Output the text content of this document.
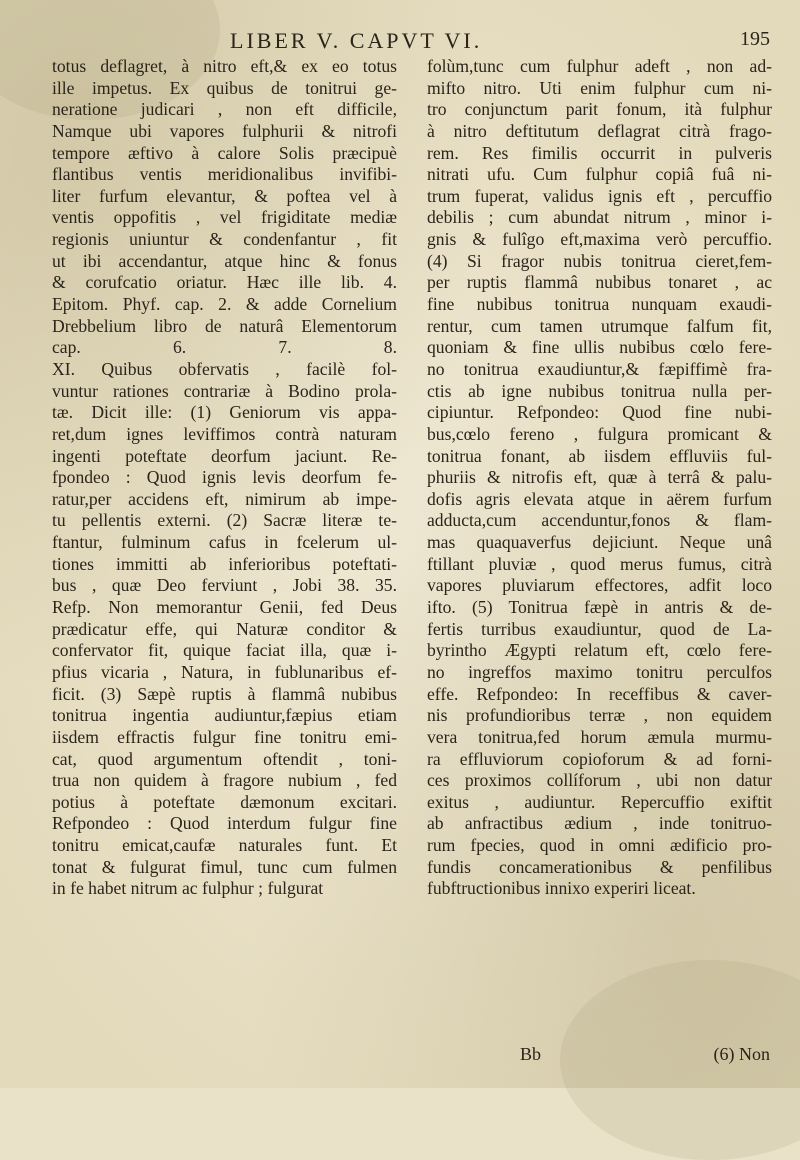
LIBER V. CAPVT VI.	195
totus deflagret, à nitro eft,& ex eo totus
ille impetus. Ex quibus de tonitrui ge-
neratione judicari , non eft difficile,
Namque ubi vapores fulphurii & nitrofi
tempore æftivo à calore Solis præcipuè
flantibus ventis meridionalibus invifibi-
liter furfum elevantur, & poftea vel à
ventis oppofitis , vel frigiditate mediæ
regionis uniuntur & condenfantur , fit
ut ibi accendantur, atque hinc & fonus
& corufcatio oriatur. Hæc ille lib. 4.
Epitom. Phyf. cap. 2. & adde Cornelium
Drebbelium libro de naturâ Elementorum
cap. 6. 7. 8.
XI. Quibus obfervatis , facilè fol-
vuntur rationes contrariæ à Bodino prola-
tæ. Dicit ille: (1) Geniorum vis appa-
ret,dum ignes leviffimos contrà naturam
ingenti poteftate deorfum jaciunt. Re-
fpondeo : Quod ignis levis deorfum fe-
ratur,per accidens eft, nimirum ab impe-
tu pellentis externi. (2) Sacræ literæ te-
ftantur, fulminum cafus in fcelerum ul-
tiones immitti ab inferioribus poteftati-
bus , quæ Deo ferviunt , Jobi 38. 35.
Refp. Non memorantur Genii, fed Deus
prædicatur effe, qui Naturæ conditor &
confervator fit, quique faciat illa, quæ i-
pfius vicaria , Natura, in fublunaribus ef-
ficit. (3) Sæpè ruptis à flammâ nubibus
tonitrua ingentia audiuntur,fæpius etiam
iisdem effractis fulgur fine tonitru emi-
cat, quod argumentum oftendit , toni-
trua non quidem à fragore nubium , fed
potius à poteftate dæmonum excitari.
Refpondeo : Quod interdum fulgur fine
tonitru emicat,caufæ naturales funt. Et
tonat & fulgurat fimul, tunc cum fulmen
in fe habet nitrum ac fulphur ; fulgurat
folùm,tunc cum fulphur adeft , non ad-
mifto nitro. Uti enim fulphur cum ni-
tro conjunctum parit fonum, ità fulphur
à nitro deftitutum deflagrat citrà frago-
rem. Res fimilis occurrit in pulveris
nitrati ufu. Cum fulphur copiâ fuâ ni-
trum fuperat, validus ignis eft , percuffio
debilis ; cum abundat nitrum , minor i-
gnis & fulîgo eft,maxima verò percuffio.
(4) Si fragor nubis tonitrua cieret,fem-
per ruptis flammâ nubibus tonaret , ac
fine nubibus tonitrua nunquam exaudi-
rentur, cum tamen utrumque falfum fit,
quoniam & fine ullis nubibus cœlo fere-
no tonitrua exaudiuntur,& fæpiffimè fra-
ctis ab igne nubibus tonitrua nulla per-
cipiuntur. Refpondeo: Quod fine nubi-
bus,cœlo fereno , fulgura promicant &
tonitrua fonant, ab iisdem effluviis ful-
phuriis & nitrofis eft, quæ à terrâ & palu-
dofis agris elevata atque in aërem furfum
adducta,cum accenduntur,fonos & flam-
mas quaquaverfus dejiciunt. Neque unâ
ftillant pluviæ , quod merus fumus, citrà
vapores pluviarum effectores, adfit loco
ifto. (5) Tonitrua fæpè in antris & de-
fertis turribus exaudiuntur, quod de La-
byrintho Ægypti relatum eft, cœlo fere-
no ingreffos maximo tonitru perculfos
effe. Refpondeo: In receffibus & caver-
nis profundioribus terræ , non equidem
vera tonitrua,fed horum æmula murmu-
ra effluviorum copioforum & ad forni-
ces proximos collíforum , ubi non datur
exitus , audiuntur. Repercuffio exiftit
ab anfractibus ædium , inde tonitruo-
rum fpecies, quod in omni ædificio pro-
fundis concamerationibus & penfilibus
fubftructionibus innixo experiri liceat.
Bb	(6) Non
